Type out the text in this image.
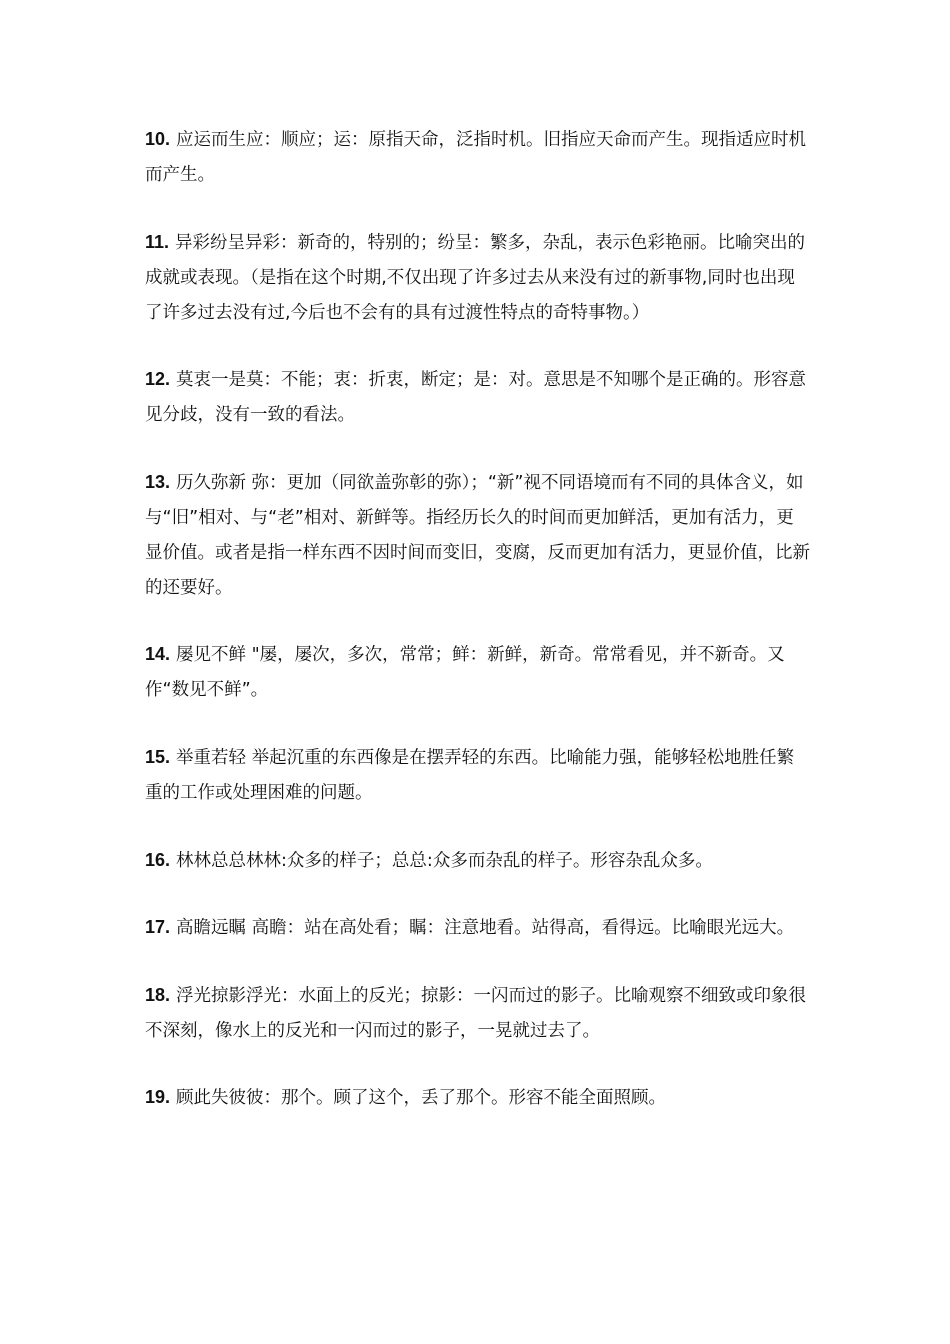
10. 应运而生应：顺应；运：原指天命，泛指时机。旧指应天命而产生。现指适应时机而产生。

11. 异彩纷呈异彩：新奇的，特别的；纷呈：繁多，杂乱，表示色彩艳丽。比喻突出的成就或表现。（是指在这个时期,不仅出现了许多过去从来没有过的新事物,同时也出现了许多过去没有过,今后也不会有的具有过渡性特点的奇特事物。）

12. 莫衷一是莫：不能；衷：折衷，断定；是：对。意思是不知哪个是正确的。形容意见分歧，没有一致的看法。

13. 历久弥新 弥：更加（同欲盖弥彰的弥）；“新”视不同语境而有不同的具体含义，如与“旧”相对、与“老”相对、新鲜等。指经历长久的时间而更加鲜活，更加有活力，更显价值。或者是指一样东西不因时间而变旧，变腐，反而更加有活力，更显价值，比新的还要好。

14. 屡见不鲜 "屡，屡次，多次，常常；鲜：新鲜，新奇。常常看见，并不新奇。又作“数见不鲜”。

15. 举重若轻 举起沉重的东西像是在摆弄轻的东西。比喻能力强，能够轻松地胜任繁重的工作或处理困难的问题。

16. 林林总总林林:众多的样子；总总:众多而杂乱的样子。形容杂乱众多。

17. 高瞻远瞩 高瞻：站在高处看；瞩：注意地看。站得高，看得远。比喻眼光远大。

18. 浮光掠影浮光：水面上的反光；掠影：一闪而过的影子。比喻观察不细致或印象很不深刻，像水上的反光和一闪而过的影子，一晃就过去了。

19. 顾此失彼彼：那个。顾了这个，丢了那个。形容不能全面照顾。
